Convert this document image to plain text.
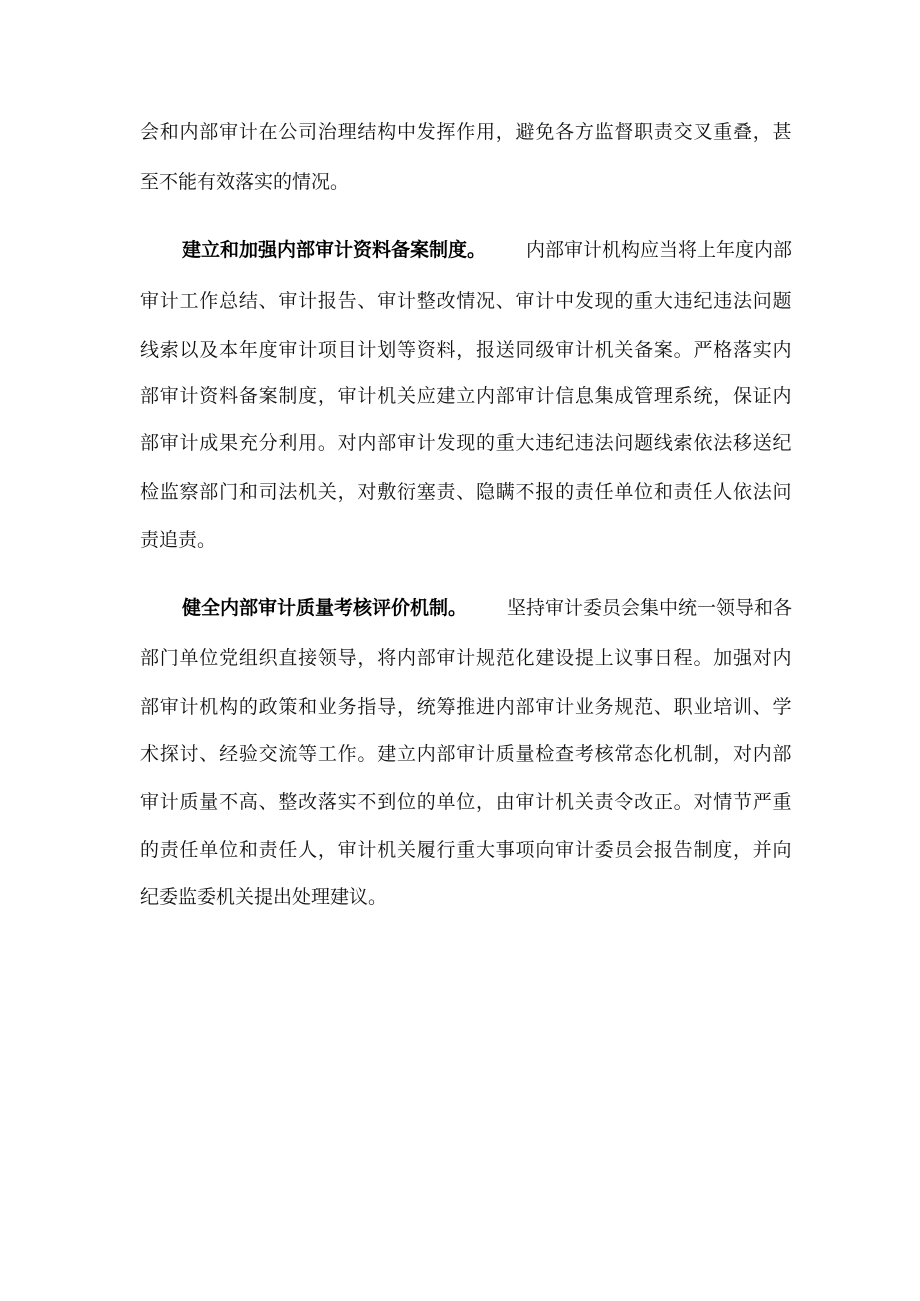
会 和 内 部 审 计 在 公 司 治 理 结 构 中 发 挥 作 用 ， 避 免 各 方 监 督 职 责 交 叉 重 叠 ， 甚

至不能有效落实的情况。

建立和加强内部审计资料备案制度。 内部审计机构应当将上年度内部

审 计 工 作 总 结 、 审 计 报 告 、 审 计 整 改 情 况 、 审 计 中 发 现 的 重 大 违 纪 违 法 问 题

线 索 以 及 本 年 度 审 计 项 目 计 划 等 资 料 ， 报 送 同 级 审 计 机 关 备 案 。 严 格 落 实 内

部 审 计 资 料 备 案 制 度 ， 审 计 机 关 应 建 立 内 部 审 计 信 息 集 成 管 理 系 统 ， 保 证 内

部 审 计 成 果 充 分 利 用 。 对 内 部 审 计 发 现 的 重 大 违 纪 违 法 问 题 线 索 依 法 移 送 纪

检 监 察 部 门 和 司 法 机 关 ， 对 敷 衍 塞 责 、 隐 瞒 不 报 的 责 任 单 位 和 责 任 人 依 法 问

责追责。

健全内部审计质量考核评价机制。 坚持审计委员会集中统一领导和各

部 门 单 位 党 组 织 直 接 领 导 ， 将 内 部 审 计 规 范 化 建 设 提 上 议 事 日 程 。 加 强 对 内

部 审 计 机 构 的 政 策 和 业 务 指 导 ， 统 筹 推 进 内 部 审 计 业 务 规 范 、 职 业 培 训 、 学

术 探 讨 、 经 验 交 流 等 工 作 。 建 立 内 部 审 计 质 量 检 查 考 核 常 态 化 机 制 ， 对 内 部

审 计 质 量 不 高 、 整 改 落 实 不 到 位 的 单 位 ， 由 审 计 机 关 责 令 改 正 。 对 情 节 严 重

的 责 任 单 位 和 责 任 人 ， 审 计 机 关 履 行 重 大 事 项 向 审 计 委 员 会 报 告 制 度 ， 并 向

纪委监委机关提出处理建议。
